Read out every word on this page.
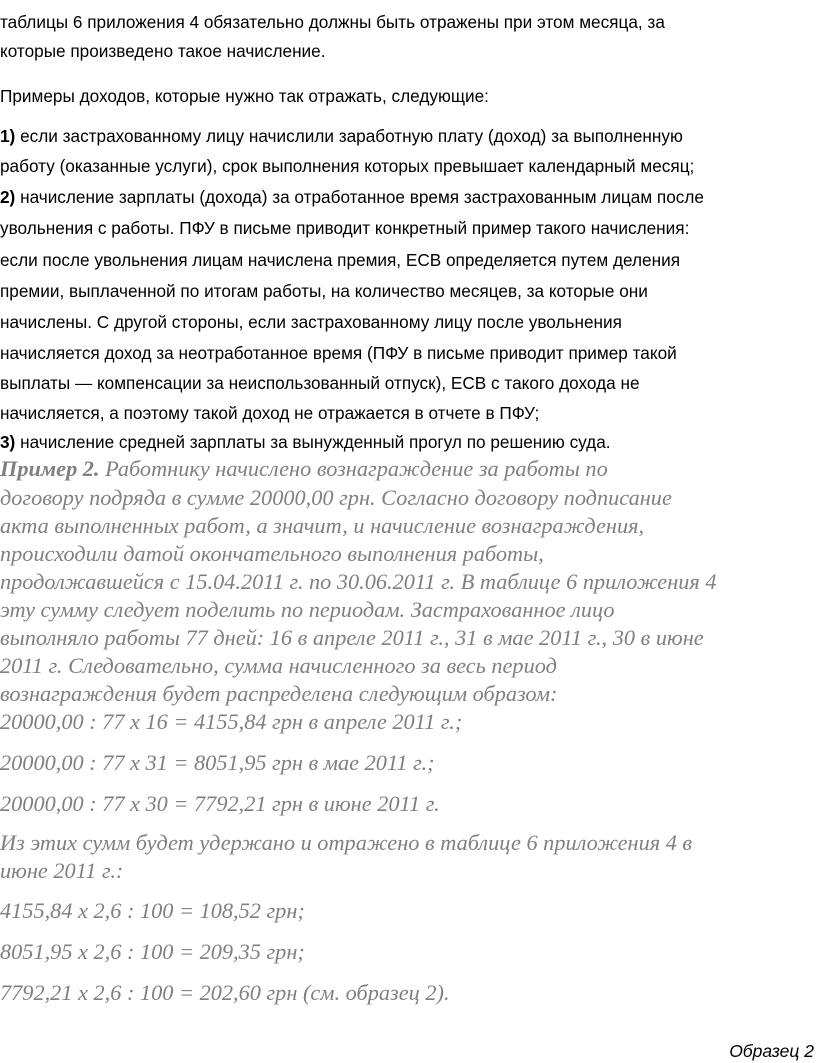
таблицы 6 приложения 4 обязательно должны быть отражены при этом месяца, за

которые произведено такое начисление.

Примеры доходов, которые нужно так отражать, следующие:

1) если застрахованному лицу начислили заработную плату (доход) за выполненную

работу (оказанные услуги), срок выполнения которых превышает календарный месяц;

2) начисление зарплаты (дохода) за отработанное время застрахованным лицам после

увольнения с работы. ПФУ в письме приводит конкретный пример такого начисления:

если после увольнения лицам начислена премия, ЕСВ определяется путем деления

премии, выплаченной по итогам работы, на количество месяцев, за которые они

начислены. С другой стороны, если застрахованному лицу после увольнения

начисляется доход за неотработанное время (ПФУ в письме приводит пример такой

выплаты — компенсации за неиспользованный отпуск), ЕСВ с такого дохода не

начисляется, а поэтому такой доход не отражается в отчете в ПФУ;

3) начисление средней зарплаты за вынужденный прогул по решению суда.

Пример 2. Работнику начислено вознаграждение за работы по

договору подряда в сумме 20000,00 грн. Согласно договору подписание

акта выполненных работ, а значит, и начисление вознаграждения,

происходили датой окончательного выполнения работы,

продолжавшейся с 15.04.2011 г. по 30.06.2011 г. В таблице 6 приложения 4

эту сумму следует поделить по периодам. Застрахованное лицо

выполняло работы 77 дней: 16 в апреле 2011 г., 31 в мае 2011 г., 30 в июне

2011 г. Следовательно, сумма начисленного за весь период

вознаграждения будет распределена следующим образом:

20000,00 : 77 х 16 = 4155,84 грн в апреле 2011 г.;

20000,00 : 77 х 31 = 8051,95 грн в мае 2011 г.;

20000,00 : 77 х 30 = 7792,21 грн в июне 2011 г.

Из этих сумм будет удержано и отражено в таблице 6 приложения 4 в

июне 2011 г.:

4155,84 х 2,6 : 100 = 108,52 грн;

8051,95 х 2,6 : 100 = 209,35 грн;

7792,21 х 2,6 : 100 = 202,60 грн (см. образец 2).

Образец 2
